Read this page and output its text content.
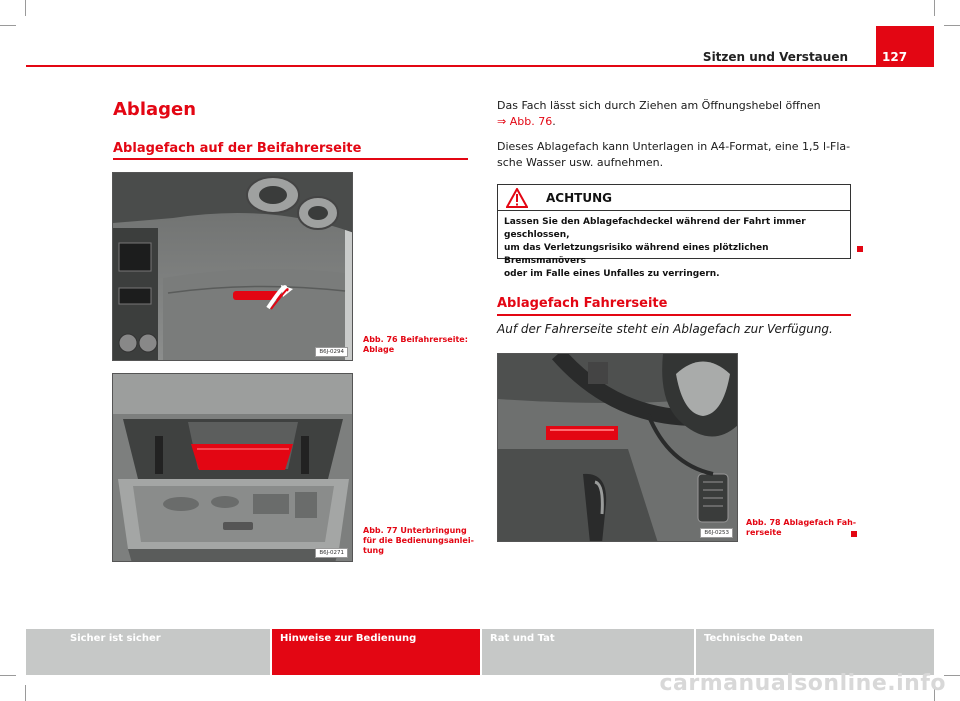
Sitzen und Verstauen	127
Ablagen
Ablagefach auf der Beifahrerseite
B6J-0294
Abb. 76 Beifahrerseite:
Ablage
B6J-0271
Abb. 77 Unterbringung
für die Bedienungsanlei-
tung
Das Fach lässt sich durch Ziehen am Öffnungshebel öffnen
⇒ Abb. 76.
Dieses Ablagefach kann Unterlagen in A4-Format, eine 1,5 l-Fla-
sche Wasser usw. aufnehmen.
ACHTUNG
Lassen Sie den Ablagefachdeckel während der Fahrt immer geschlossen,
um das Verletzungsrisiko während eines plötzlichen Bremsmanövers
oder im Falle eines Unfalles zu verringern.
Ablagefach Fahrerseite
Auf der Fahrerseite steht ein Ablagefach zur Verfügung.
B6J-0253
Abb. 78 Ablagefach Fah-
rerseite
Sicher ist sicher	Hinweise zur Bedienung	Rat und Tat	Technische Daten
carmanualsonline.info
